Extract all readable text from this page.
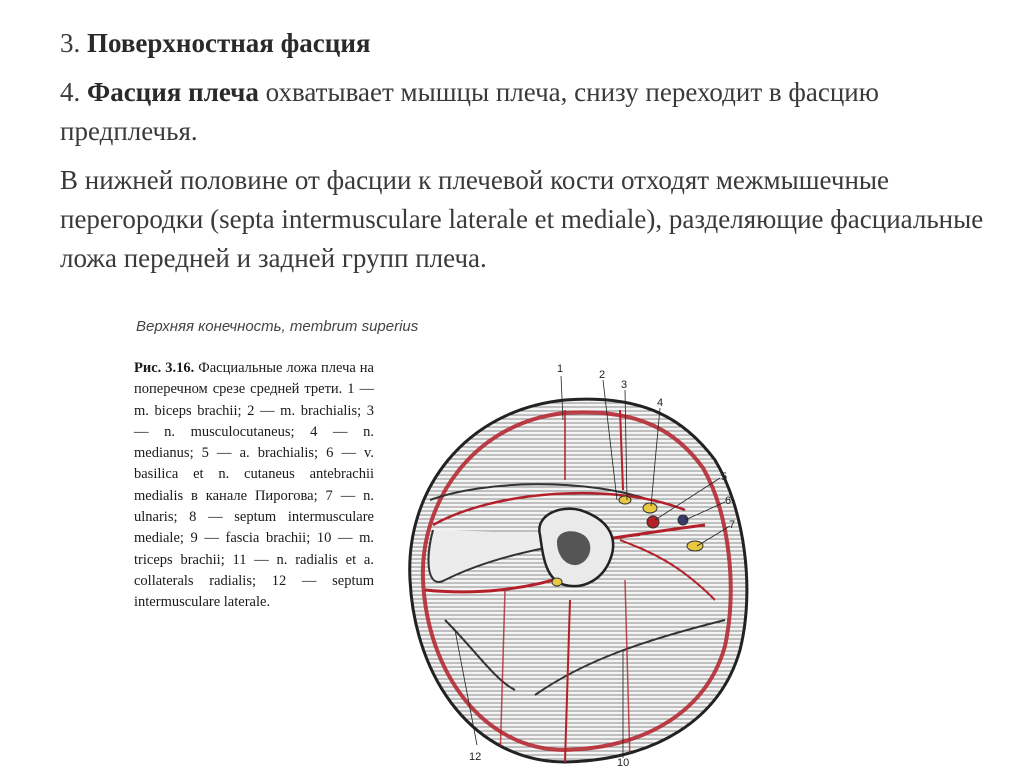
3. Поверхностная фасция

4. Фасция плеча охватывает мышцы плеча, снизу переходит в фасцию предплечья.

В нижней половине от фасции к плечевой кости отходят межмышечные перегородки (septa intermusculare laterale et mediale), разделяющие фасциальные ложа передней и задней групп плеча.

Верхняя конечность, membrum superius
Рис. 3.16. Фасциальные ложа плеча на поперечном срезе средней трети. 1 — m. biceps brachii; 2 — m. brachialis; 3 — n. musculocutaneus; 4 — n. medianus; 5 — a. brachialis; 6 — v. basilica et n. cutaneus antebrachii medialis в канале Пирогова; 7 — n. ulnaris; 8 — septum intermusculare mediale; 9 — fascia brachii; 10 — m. triceps brachii; 11 — n. radialis et a. collaterals radialis; 12 — septum intermusculare laterale.
1	2
3
4
5
6
7
12	10
